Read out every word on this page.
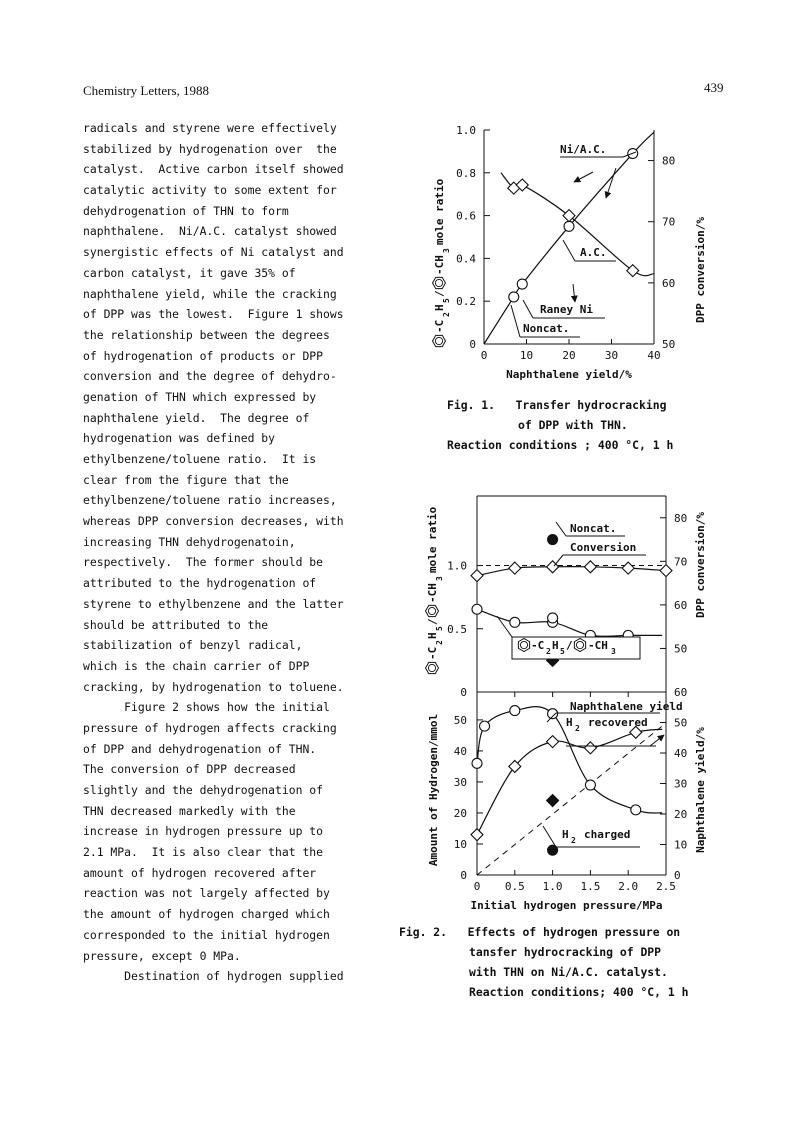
Chemistry Letters, 1988	439
radicals and styrene were effectively
stabilized by hydrogenation over  the
catalyst.  Active carbon itself showed
catalytic activity to some extent for
dehydrogenation of THN to form
naphthalene.  Ni/A.C. catalyst showed
synergistic effects of Ni catalyst and
carbon catalyst, it gave 35% of
naphthalene yield, while the cracking
of DPP was the lowest.  Figure 1 shows
the relationship between the degrees
of hydrogenation of products or DPP
conversion and the degree of dehydro-
genation of THN which expressed by
naphthalene yield.  The degree of
hydrogenation was defined by
ethylbenzene/toluene ratio.  It is
clear from the figure that the
ethylbenzene/toluene ratio increases,
whereas DPP conversion decreases, with
increasing THN dehydrogenatoin,
respectively.  The former should be
attributed to the hydrogenation of
styrene to ethylbenzene and the latter
should be attributed to the
stabilization of benzyl radical,
which is the chain carrier of DPP
cracking, by hydrogenation to toluene.
Figure 2 shows how the initial
pressure of hydrogen affects cracking
of DPP and dehydrogenation of THN.
The conversion of DPP decreased
slightly and the dehydrogenation of
THN decreased markedly with the
increase in hydrogen pressure up to
2.1 MPa.  It is also clear that the
amount of hydrogen recovered after
reaction was not largely affected by
the amount of hydrogen charged which
corresponded to the initial hydrogen
pressure, except 0 MPa.
Destination of hydrogen supplied
Fig. 1.   Transfer hydrocracking
of DPP with THN.
Reaction conditions ; 400 °C, 1 h
Fig. 2.   Effects of hydrogen pressure on
tansfer hydrocracking of DPP
with THN on Ni/A.C. catalyst.
Reaction conditions; 400 °C, 1 h
0
0.2
0.4
0.6
0.8
1.0
50
60
70
80
0	10	20	30	40
Naphthalene yield/%
-C
2
H
5
/
-CH
3
mole ratio
DPP conversion/%
Ni/A.C.
A.C.
Raney Ni
Noncat.
0
0.5
1.0
50
60
70
80
Noncat.
Conversion
-C 2 H 5 / -CH 3
0
10
20
30
40
50
0
10
20
30
40
50
60
0 0.5 1.0 1.5 2.0 2.5
Initial hydrogen pressure/MPa
Naphthalene yield
H 2 recovered
H 2 charged
-C
2
H
5
/
-CH
3
mole ratio	DPP conversion/%
Amount of Hydrogen/mmol	Naphthalene yield/%
